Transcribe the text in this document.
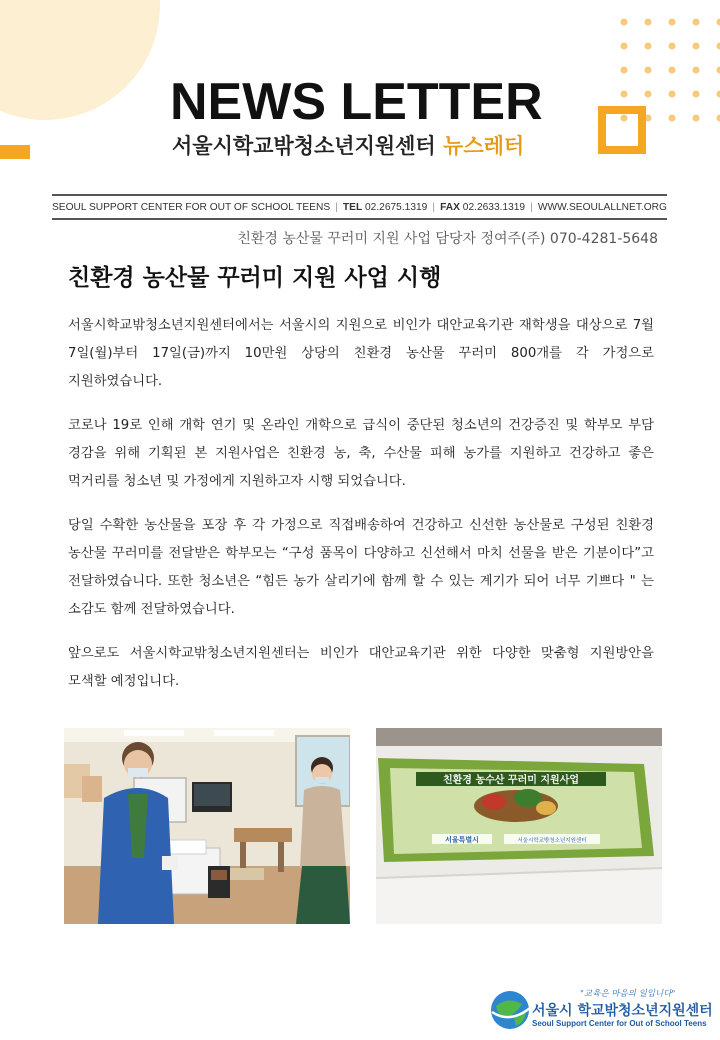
NEWS LETTER
서울시학교밖청소년지원센터 뉴스레터
SEOUL SUPPORT CENTER FOR OUT OF SCHOOL TEENS | TEL 02.2675.1319 | FAX 02.2633.1319 | WWW.SEOULALLNET.ORG
친환경 농산물 꾸러미 지원 사업 담당자 정여주(주) 070-4281-5648
친환경 농산물 꾸러미 지원 사업 시행

서울시학교밖청소년지원센터에서는 서울시의 지원으로 비인가 대안교육기관 재학생을 대상으로 7월 7일(월)부터 17일(금)까지 10만원 상당의 친환경 농산물 꾸러미 800개를 각 가정으로 지원하였습니다.

코로나 19로 인해 개학 연기 및 온라인 개학으로 급식이 중단된 청소년의 건강증진 및 학부모 부담 경감을 위해 기획된 본 지원사업은 친환경 농, 축, 수산물 피해 농가를 지원하고 건강하고 좋은 먹거리를 청소년 및 가정에게 지원하고자 시행 되었습니다.

당일 수확한 농산물을 포장 후 각 가정으로 직접배송하여 건강하고 신선한 농산물로 구성된 친환경 농산물 꾸러미를 전달받은 학부모는 “구성 품목이 다양하고 신선해서 마치 선물을 받은 기분이다”고 전달하였습니다. 또한 청소년은 “힘든 농가 살리기에 함께 할 수 있는 계기가 되어 너무 기쁘다 " 는 소감도 함께 전달하였습니다.

앞으로도 서울시학교밖청소년지원센터는 비인가 대안교육기관 위한 다양한 맞춤형 지원방안을 모색할 예정입니다.

친환경 농수산 꾸러미 지원사업
서울특별시	서울시학교밖청소년지원센터
"교육은 마음의 일입니다"
서울시 학교밖청소년지원센터
Seoul Support Center for Out of School Teens
